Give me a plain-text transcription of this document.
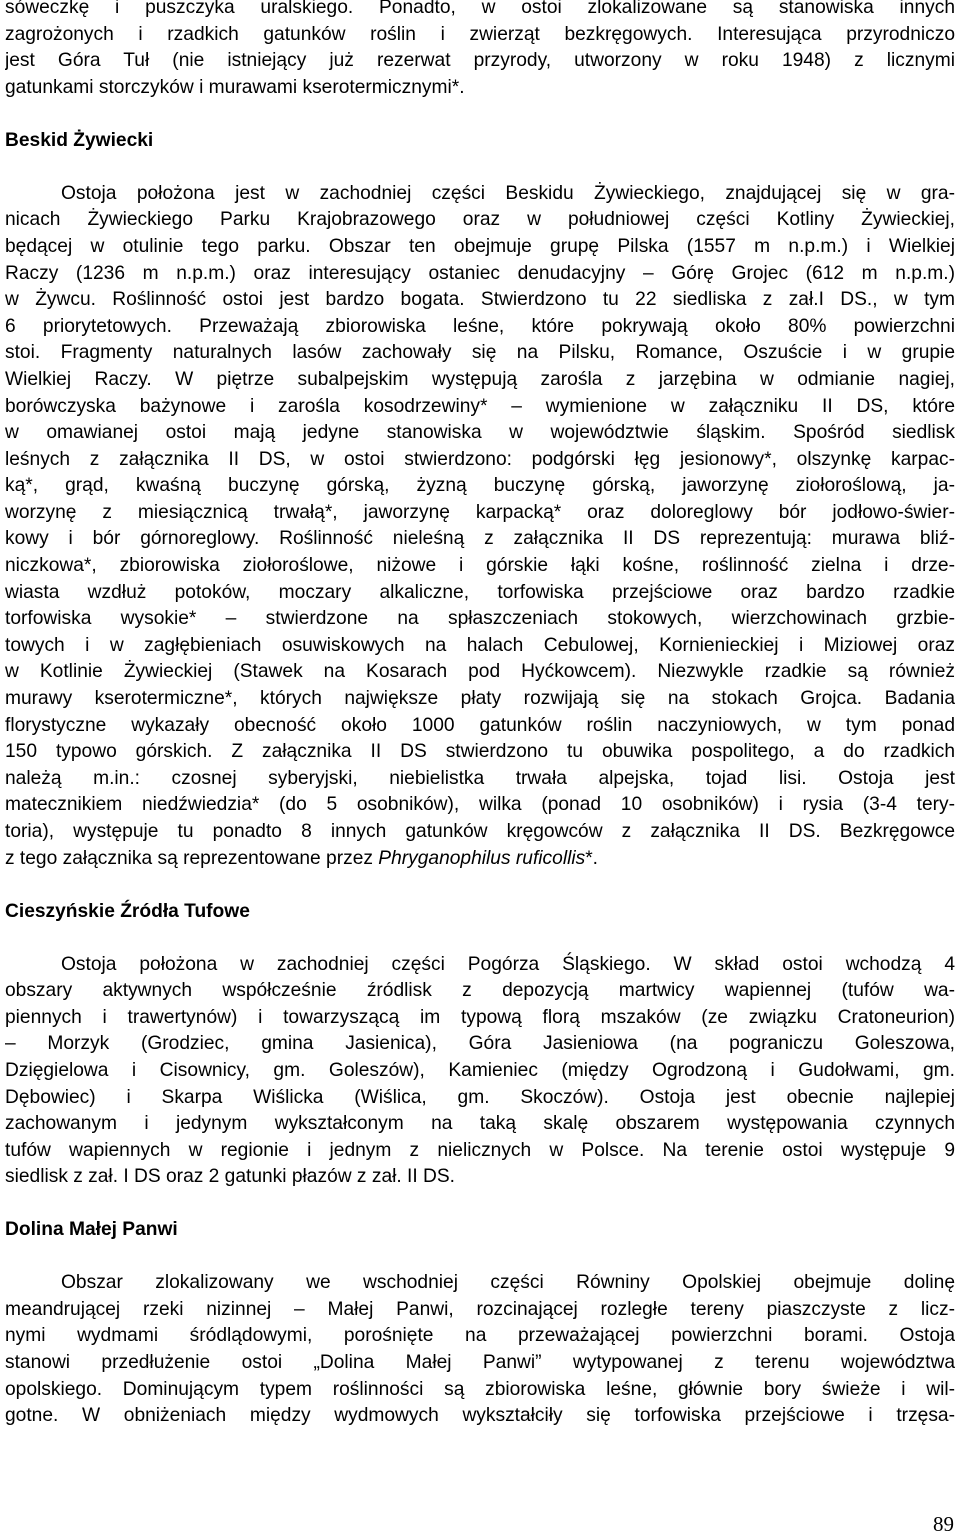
sóweczkę i puszczyka uralskiego. Ponadto, w ostoi zlokalizowane są stanowiska innych
zagrożonych i rzadkich gatunków roślin i zwierząt bezkręgowych. Interesująca przyrodniczo
jest Góra Tuł (nie istniejący już rezerwat przyrody, utworzony w roku 1948) z licznymi
gatunkami storczyków i murawami kserotermicznymi*.
Beskid Żywiecki
Ostoja położona jest w zachodniej części Beskidu Żywieckiego, znajdującej się w gra-
nicach Żywieckiego Parku Krajobrazowego oraz w południowej części Kotliny Żywieckiej,
będącej w otulinie tego parku. Obszar ten obejmuje grupę Pilska (1557 m n.p.m.) i Wielkiej
Raczy (1236 m n.p.m.) oraz interesujący ostaniec denudacyjny – Górę Grojec (612 m n.p.m.)
w Żywcu. Roślinność ostoi jest bardzo bogata. Stwierdzono tu 22 siedliska z zał.I DS., w tym
6 priorytetowych. Przeważają zbiorowiska leśne, które pokrywają około 80% powierzchni
stoi. Fragmenty naturalnych lasów zachowały się na Pilsku, Romance, Oszuście i w grupie
Wielkiej Raczy. W piętrze subalpejskim występują zarośla z jarzębina w odmianie nagiej,
borówczyska bażynowe i zarośla kosodrzewiny* – wymienione w załączniku II DS, które
w omawianej ostoi mają jedyne stanowiska w województwie śląskim. Spośród siedlisk
leśnych z załącznika II DS, w ostoi stwierdzono: podgórski łęg jesionowy*, olszynkę karpac-
ką*, grąd, kwaśną buczynę górską, żyzną buczynę górską, jaworzynę ziołoroślową, ja-
worzynę z miesiącznicą trwałą*, jaworzynę karpacką* oraz doloreglowy bór jodłowo-świer-
kowy i bór górnoreglowy. Roślinność nieleśną z załącznika II DS reprezentują: murawa bliź-
niczkowa*, zbiorowiska ziołoroślowe, niżowe i górskie łąki kośne, roślinność zielna i drze-
wiasta wzdłuż potoków, moczary alkaliczne, torfowiska przejściowe oraz bardzo rzadkie
torfowiska wysokie* – stwierdzone na spłaszczeniach stokowych, wierzchowinach grzbie-
towych i w zagłębieniach osuwiskowych na halach Cebulowej, Kornienieckiej i Miziowej oraz
w Kotlinie Żywieckiej (Stawek na Kosarach pod Hyćkowcem). Niezwykle rzadkie są również
murawy kserotermiczne*, których największe płaty rozwijają się na stokach Grojca. Badania
florystyczne wykazały obecność około 1000 gatunków roślin naczyniowych, w tym ponad
150 typowo górskich. Z załącznika II DS stwierdzono tu obuwika pospolitego, a do rzadkich
należą m.in.: czosnej syberyjski, niebielistka trwała alpejska, tojad lisi. Ostoja jest
matecznikiem niedźwiedzia* (do 5 osobników), wilka (ponad 10 osobników) i rysia (3-4 tery-
toria), występuje tu ponadto 8 innych gatunków kręgowców z załącznika II DS. Bezkręgowce
z tego załącznika są reprezentowane przez Phryganophilus ruficollis*.
Cieszyńskie Źródła Tufowe
Ostoja położona w zachodniej części Pogórza Śląskiego. W skład ostoi wchodzą 4
obszary aktywnych współcześnie źródlisk z depozycją martwicy wapiennej (tufów wa-
piennych i trawertynów) i towarzyszącą im typową florą mszaków (ze związku Cratoneurion)
– Morzyk (Grodziec, gmina Jasienica), Góra Jasieniowa (na pograniczu Goleszowa,
Dzięgielowa i Cisownicy, gm. Goleszów), Kamieniec (między Ogrodzoną i Gudołwami, gm.
Dębowiec) i Skarpa Wiślicka (Wiślica, gm. Skoczów). Ostoja jest obecnie najlepiej
zachowanym i jedynym wykształconym na taką skalę obszarem występowania czynnych
tufów wapiennych w regionie i jednym z nielicznych w Polsce. Na terenie ostoi występuje 9
siedlisk z zał. I DS oraz 2 gatunki płazów z zał. II DS.
Dolina Małej Panwi
Obszar zlokalizowany we wschodniej części Równiny Opolskiej obejmuje dolinę
meandrującej rzeki nizinnej – Małej Panwi, rozcinającej rozległe tereny piaszczyste z licz-
nymi wydmami śródlądowymi, porośnięte na przeważającej powierzchni borami. Ostoja
stanowi przedłużenie ostoi „Dolina Małej Panwi” wytypowanej z terenu województwa
opolskiego. Dominującym typem roślinności są zbiorowiska leśne, głównie bory świeże i wil-
gotne. W obniżeniach między wydmowych wykształciły się torfowiska przejściowe i trzęsa-
89
